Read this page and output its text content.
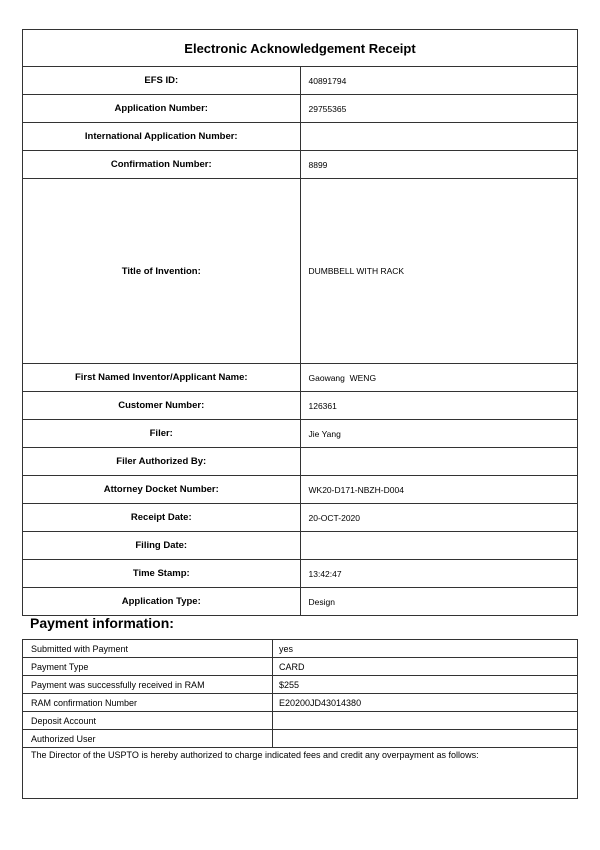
Electronic Acknowledgement Receipt	
EFS ID:	40891794
Application Number:	29755365
International Application Number:	
Confirmation Number:	8899
Title of Invention:	DUMBBELL WITH RACK
First Named Inventor/Applicant Name:	Gaowang  WENG
Customer Number:	126361
Filer:	Jie Yang
Filer Authorized By:	
Attorney Docket Number:	WK20-D171-NBZH-D004
Receipt Date:	20-OCT-2020
Filing Date:	
Time Stamp:	13:42:47
Application Type:	Design
Payment information:
Submitted with Payment	yes
Payment Type	CARD
Payment was successfully received in RAM	$255
RAM confirmation Number	E20200JD43014380
Deposit Account	
Authorized User	
The Director of the USPTO is hereby authorized to charge indicated fees and credit any overpayment as follows:	
